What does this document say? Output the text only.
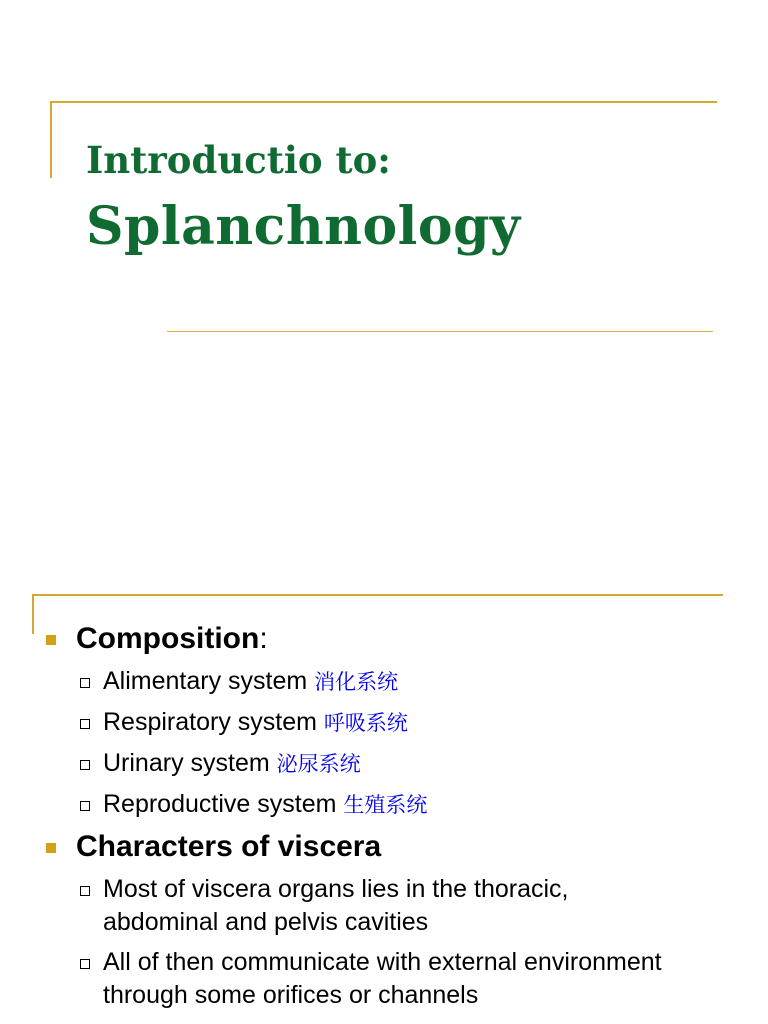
Introductio to:
Splanchnology
Composition:
Alimentary system 消化系统
Respiratory system 呼吸系统
Urinary system 泌尿系统
Reproductive system 生殖系统
Characters of viscera
Most of viscera organs lies in the thoracic, abdominal and pelvis cavities
All of then communicate with external environment through some orifices or channels
